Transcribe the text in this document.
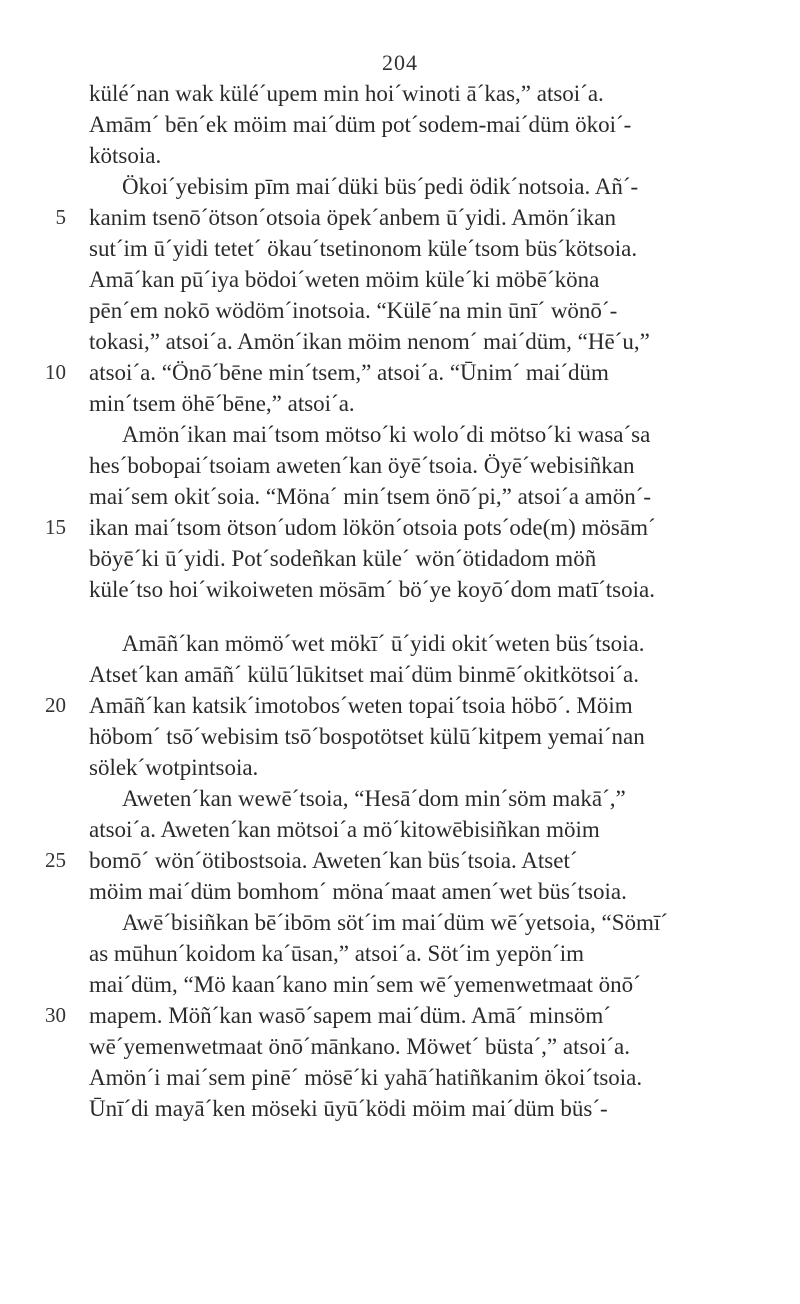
204
külé´nan wak külé´upem min hoi´winoti ā´kas,” atsoi´a.
Amām´ bēn´ek möim mai´düm pot´sodem-mai´düm ökoi´-
kötsoia.
Ökoi´yebisim pīm mai´düki büs´pedi ödik´notsoia. Añ´-
5 kanim tsenō´ötson´otsoia öpek´anbem ū´yidi. Amön´ikan
sut´im ū´yidi tetet´ ökau´tsetinonom küle´tsom büs´kötsoia.
Amā´kan pū´iya bödoi´weten möim küle´ki möbē´köna
pēn´em nokō wödöm´inotsoia. “Külē´na min ūnī´ wönō´-
tokasi,” atsoi´a. Amön´ikan möim nenom´ mai´düm, “Hē´u,”
10 atsoi´a. “Önō´bēne min´tsem,” atsoi´a. “Ūnim´ mai´düm
min´tsem öhē´bēne,” atsoi´a.
Amön´ikan mai´tsom mötso´ki wolo´di mötso´ki wasa´sa
hes´bobopai´tsoiam aweten´kan öyē´tsoia. Öyē´webisiñkan
mai´sem okit´soia. “Möna´ min´tsem önō´pi,” atsoi´a amön´-
15 ikan mai´tsom ötson´udom lökön´otsoia pots´ode(m) mösām´
böyē´ki ū´yidi. Pot´sodeñkan küle´ wön´ötidadom möñ
küle´tso hoi´wikoiweten mösām´ bö´ye koyō´dom matī´tsoia.
Amāñ´kan mömö´wet mökī´ ū´yidi okit´weten büs´tsoia.
Atset´kan amāñ´ külū´lūkitset mai´düm binmē´okitkötsoi´a.
20 Amāñ´kan katsik´imotobos´weten topai´tsoia höbō´. Möim
höbom´ tsō´webisim tsō´bospotötset külū´kitpem yemai´nan
sölek´wotpintsoia.
Aweten´kan wewē´tsoia, “Hesā´dom min´söm makā´,”
atsoi´a. Aweten´kan mötsoi´a mö´kitowēbisiñkan möim
25 bomō´ wön´ötibostsoia. Aweten´kan büs´tsoia. Atset´
möim mai´düm bomhom´ möna´maat amen´wet büs´tsoia.
Awē´bisiñkan bē´ibōm söt´im mai´düm wē´yetsoia, “Sömī´
as mūhun´koidom ka´ūsan,” atsoi´a. Söt´im yepön´im
mai´düm, “Mö kaan´kano min´sem wē´yemenwetmaat önō´
30 mapem. Möñ´kan wasō´sapem mai´düm. Amā´ minsöm´
wē´yemenwetmaat önō´mānkano. Möwet´ büsta´,” atsoi´a.
Amön´i mai´sem pinē´ mösē´ki yahā´hatiñkanim ökoi´tsoia.
Ūnī´di mayā´ken möseki ūyū´ködi möim mai´düm büs´-
